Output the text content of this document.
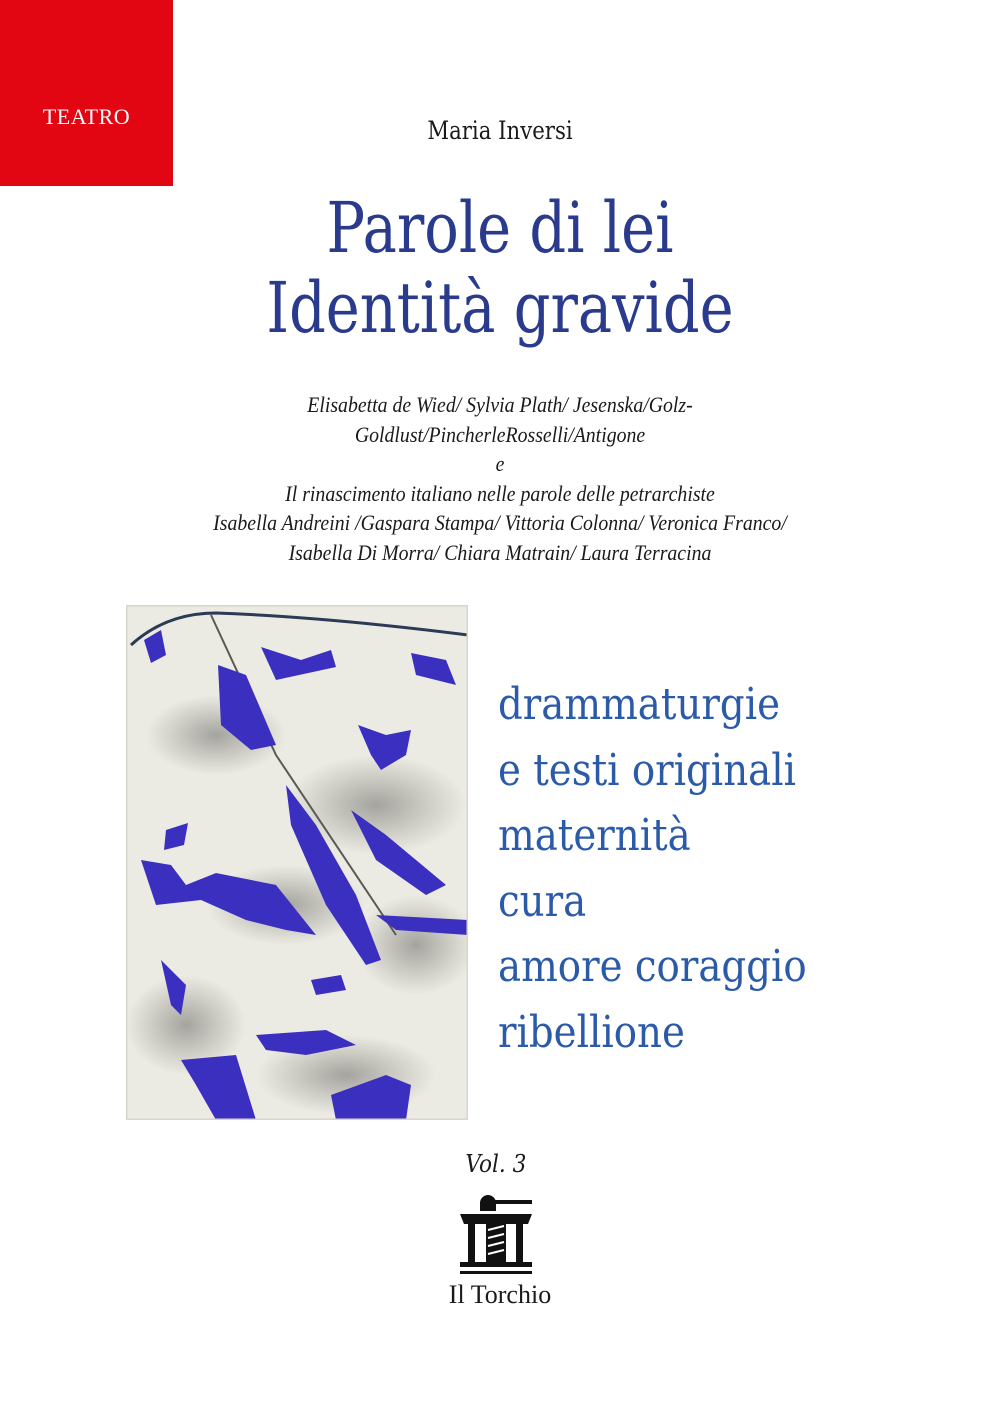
TEATRO	Maria Inversi
Parole di lei
Identità gravide
Elisabetta de Wied/ Sylvia Plath/ Jesenska/Golz-
Goldlust/PincherleRosselli/Antigone
e
Il rinascimento italiano nelle parole delle petrarchiste
Isabella Andreini /Gaspara Stampa/ Vittoria Colonna/ Veronica Franco/
Isabella Di Morra/ Chiara Matrain/ Laura Terracina
drammaturgie
e testi originali
maternità
cura
amore coraggio
ribellione
Vol. 3
Il Torchio
